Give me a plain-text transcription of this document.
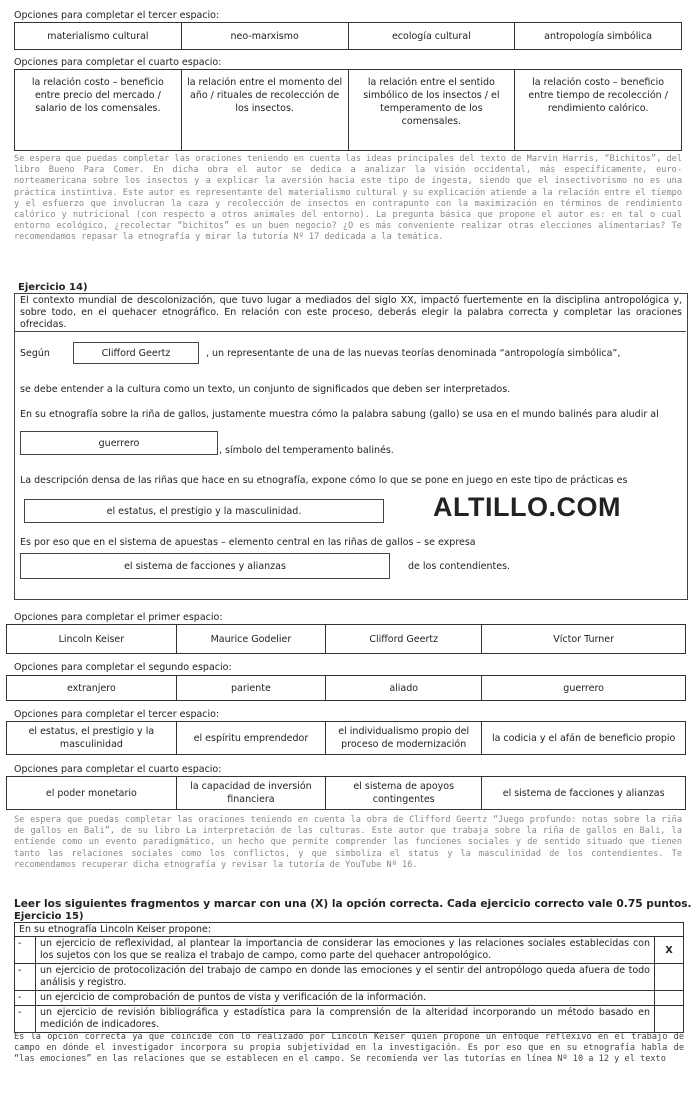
Opciones para completar el tercer espacio:
materialismo cultural	neo-marxismo	ecología cultural	antropología simbólica
Opciones para completar el cuarto espacio:
la relación costo – beneficio entre precio del mercado / salario de los comensales.	la relación entre el momento del año / rituales de recolección de los insectos.	la relación entre el sentido simbólico de los insectos / el temperamento de los comensales.	la relación costo – beneficio entre tiempo de recolección / rendimiento calórico.
Se espera que puedas completar las oraciones teniendo en cuenta las ideas principales del texto de Marvin Harris, “Bichitos”, del libro Bueno Para Comer. En dicha obra el autor se dedica a analizar la visión occidental, más específicamente, euro-norteamericana sobre los insectos y a explicar la aversión hacia este tipo de ingesta, siendo que el insectivorismo no es una práctica instintiva. Este autor es representante del materialismo cultural y su explicación atiende a la relación entre el tiempo y el esfuerzo que involucran la caza y recolección de insectos en contrapunto con la maximización en términos de rendimiento calórico y nutricional (con respecto a otros animales del entorno). La pregunta básica que propone el autor es: en tal o cual entorno ecológico, ¿recolectar “bichitos” es un buen negocio? ¿O es más conveniente realizar otras elecciones alimentarias? Te recomendamos repasar la etnografía y mirar la tutoría Nº 17 dedicada a la temática.
Ejercicio 14)
El contexto mundial de descolonización, que tuvo lugar a mediados del siglo XX, impactó fuertemente en la disciplina antropológica y, sobre todo, en el quehacer etnográfico. En relación con este proceso, deberás elegir la palabra correcta y completar las oraciones ofrecidas.
Según	Clifford Geertz	, un representante de una de las nuevas teorías denominada “antropología simbólica”,
se debe entender a la cultura como un texto, un conjunto de significados que deben ser interpretados.
En su etnografía sobre la riña de gallos, justamente muestra cómo la palabra sabung (gallo) se usa en el mundo balinés para aludir al
guerrero
, símbolo del temperamento balinés.
La descripción densa de las riñas que hace en su etnografía, expone cómo lo que se pone en juego en este tipo de prácticas es
el estatus, el prestigio y la masculinidad.	ALTILLO.COM
Es por eso que en el sistema de apuestas – elemento central en las riñas de gallos – se expresa
el sistema de facciones y alianzas	de los contendientes.
Opciones para completar el primer espacio:
Lincoln Keiser	Maurice Godelier	Clifford Geertz	Víctor Turner
Opciones para completar el segundo espacio:
extranjero	pariente	aliado	guerrero
Opciones para completar el tercer espacio:
el estatus, el prestigio y la masculinidad	el espíritu emprendedor	el individualismo propio del proceso de modernización	la codicia y el afán de beneficio propio
Opciones para completar el cuarto espacio:
el poder monetario	la capacidad de inversión financiera	el sistema de apoyos contingentes	el sistema de facciones y alianzas
Se espera que puedas completar las oraciones teniendo en cuenta la obra de Clifford Geertz “Juego profundo: notas sobre la riña de gallos en Bali”, de su libro La interpretación de las culturas. Este autor que trabaja sobre la riña de gallos en Bali, la entiende como un evento paradigmático, un hecho que permite comprender las funciones sociales y de sentido situado que tienen tanto las relaciones sociales como los conflictos, y que simboliza el status y la masculinidad de los contendientes. Te recomendamos recuperar dicha etnografía y revisar la tutoría de YouTube Nº 16.
Leer los siguientes fragmentos y marcar con una (X) la opción correcta. Cada ejercicio correcto vale 0.75 puntos.
Ejercicio 15)
En su etnografía Lincoln Keiser propone:		
-	un ejercicio de reflexividad, al plantear la importancia de considerar las emociones y las relaciones sociales establecidas con los sujetos con los que se realiza el trabajo de campo, como parte del quehacer antropológico.	X
-	un ejercicio de protocolización del trabajo de campo en donde las emociones y el sentir del antropólogo queda afuera de todo análisis y registro.	
-	un ejercicio de comprobación de puntos de vista y verificación de la información.	
-	un ejercicio de revisión bibliográfica y estadística para la comprensión de la alteridad incorporando un método basado en medición de indicadores.	
Es la opción correcta ya que coincide con lo realizado por Lincoln Keiser quien propone un enfoque reflexivo en el trabajo de campo en dónde el investigador incorpora su propia subjetividad en la investigación. Es por eso que en su etnografía habla de “las emociones” en las relaciones que se establecen en el campo. Se recomienda ver las tutorías en línea Nº 10 a 12 y el texto
